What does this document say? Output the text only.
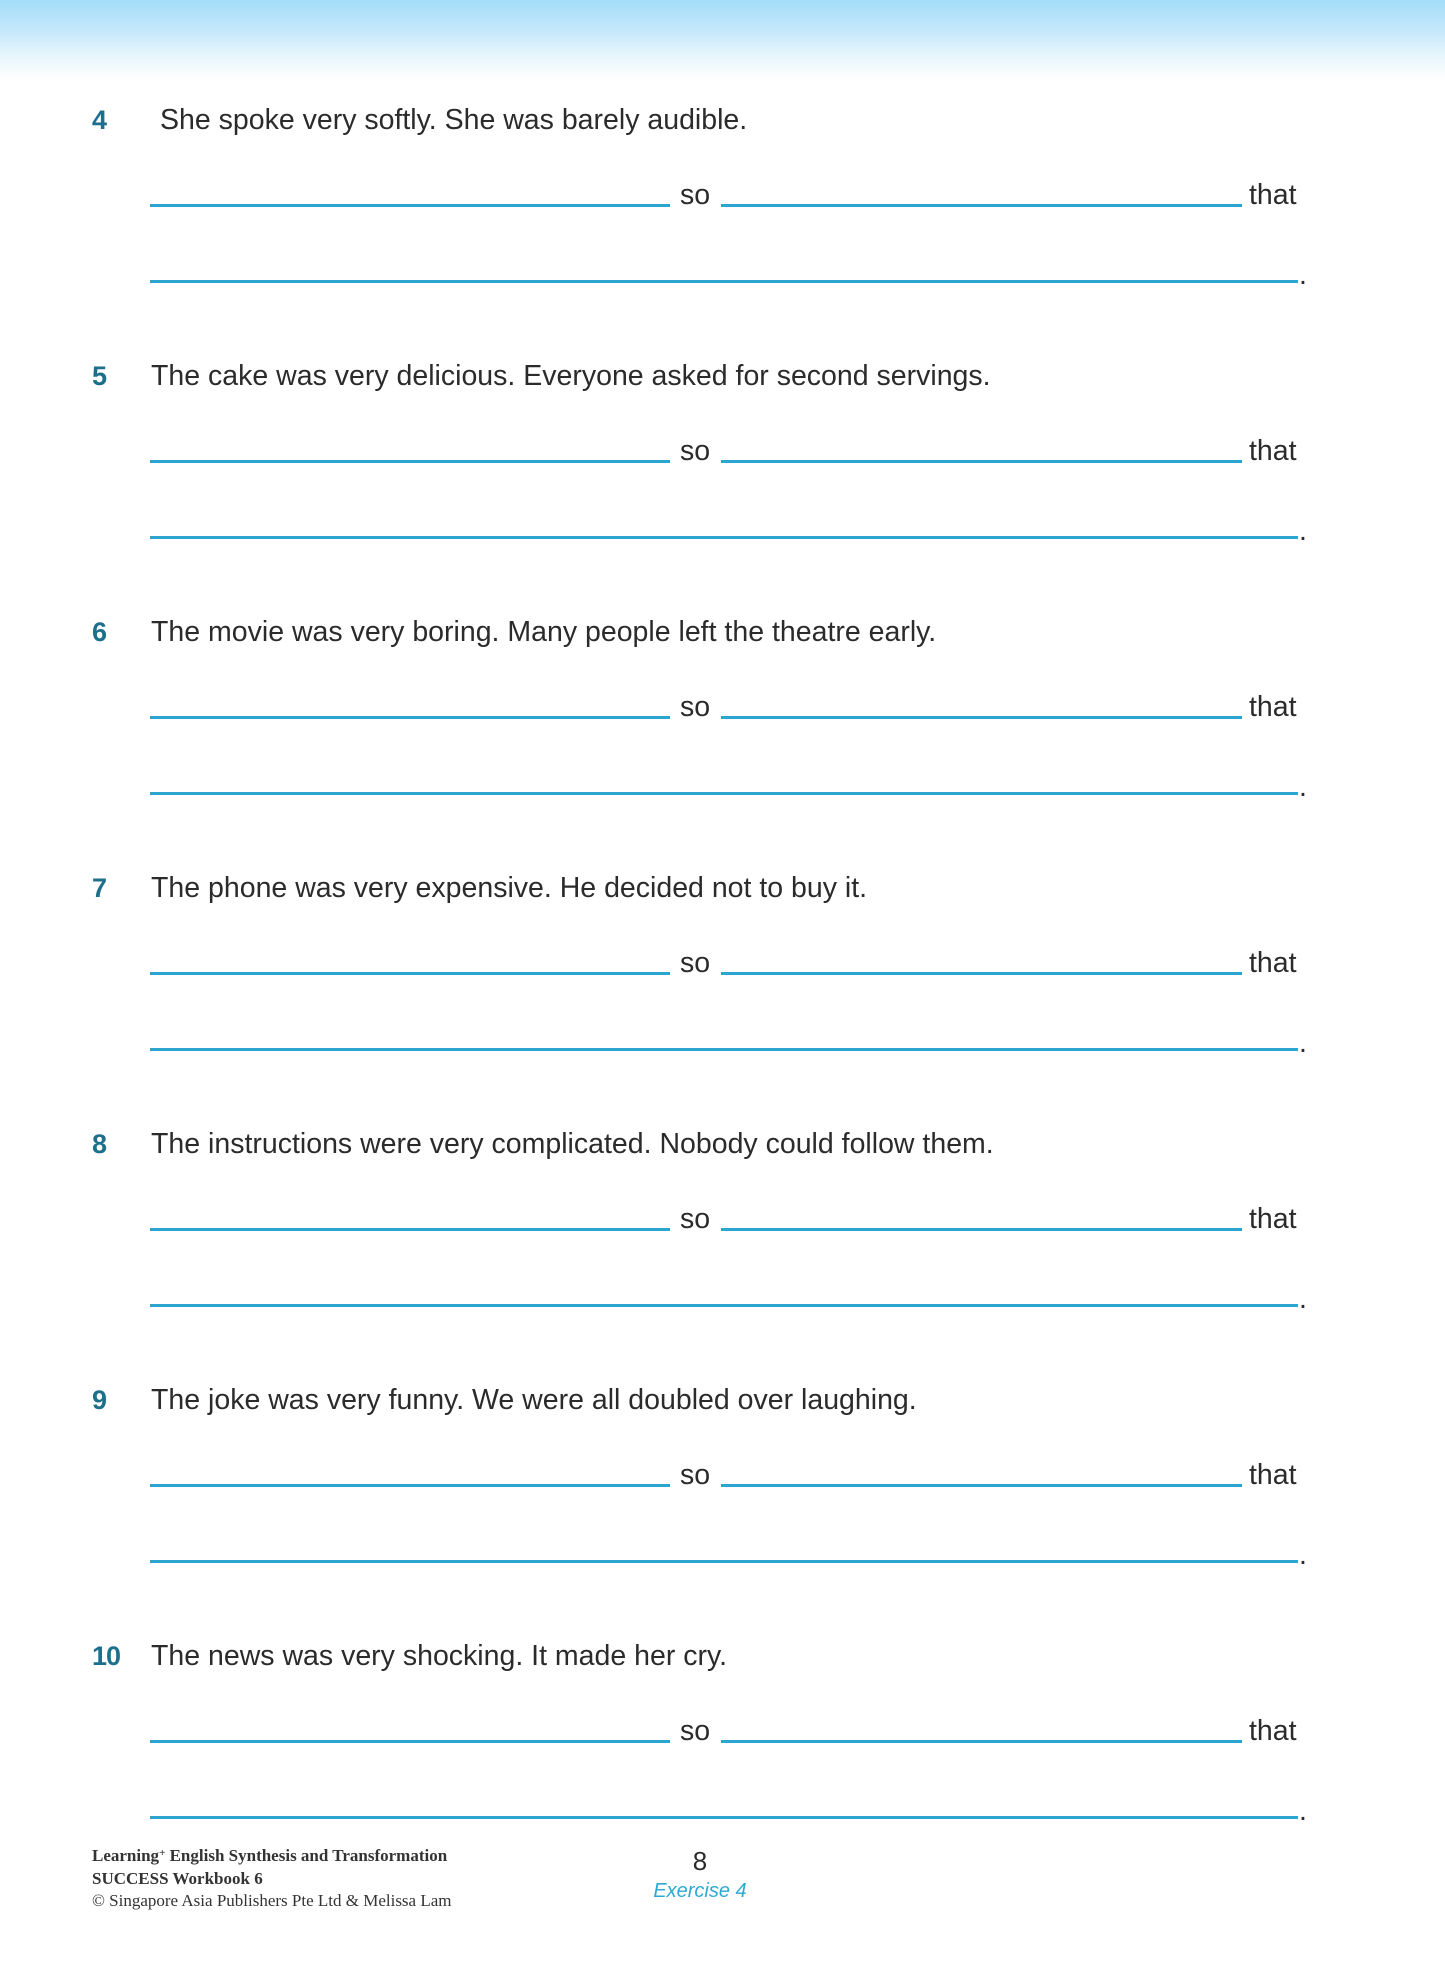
4 She spoke very softly. She was barely audible.
so	that
.
5 The cake was very delicious. Everyone asked for second servings.
so	that
.
6 The movie was very boring. Many people left the theatre early.
so	that
.
7 The phone was very expensive. He decided not to buy it.
so	that
.
8 The instructions were very complicated. Nobody could follow them.
so	that
.
9 The joke was very funny. We were all doubled over laughing.
so	that
.
10 The news was very shocking. It made her cry.
so	that
.
Learning+ English Synthesis and Transformation
SUCCESS Workbook 6
© Singapore Asia Publishers Pte Ltd & Melissa Lam
8
Exercise 4
